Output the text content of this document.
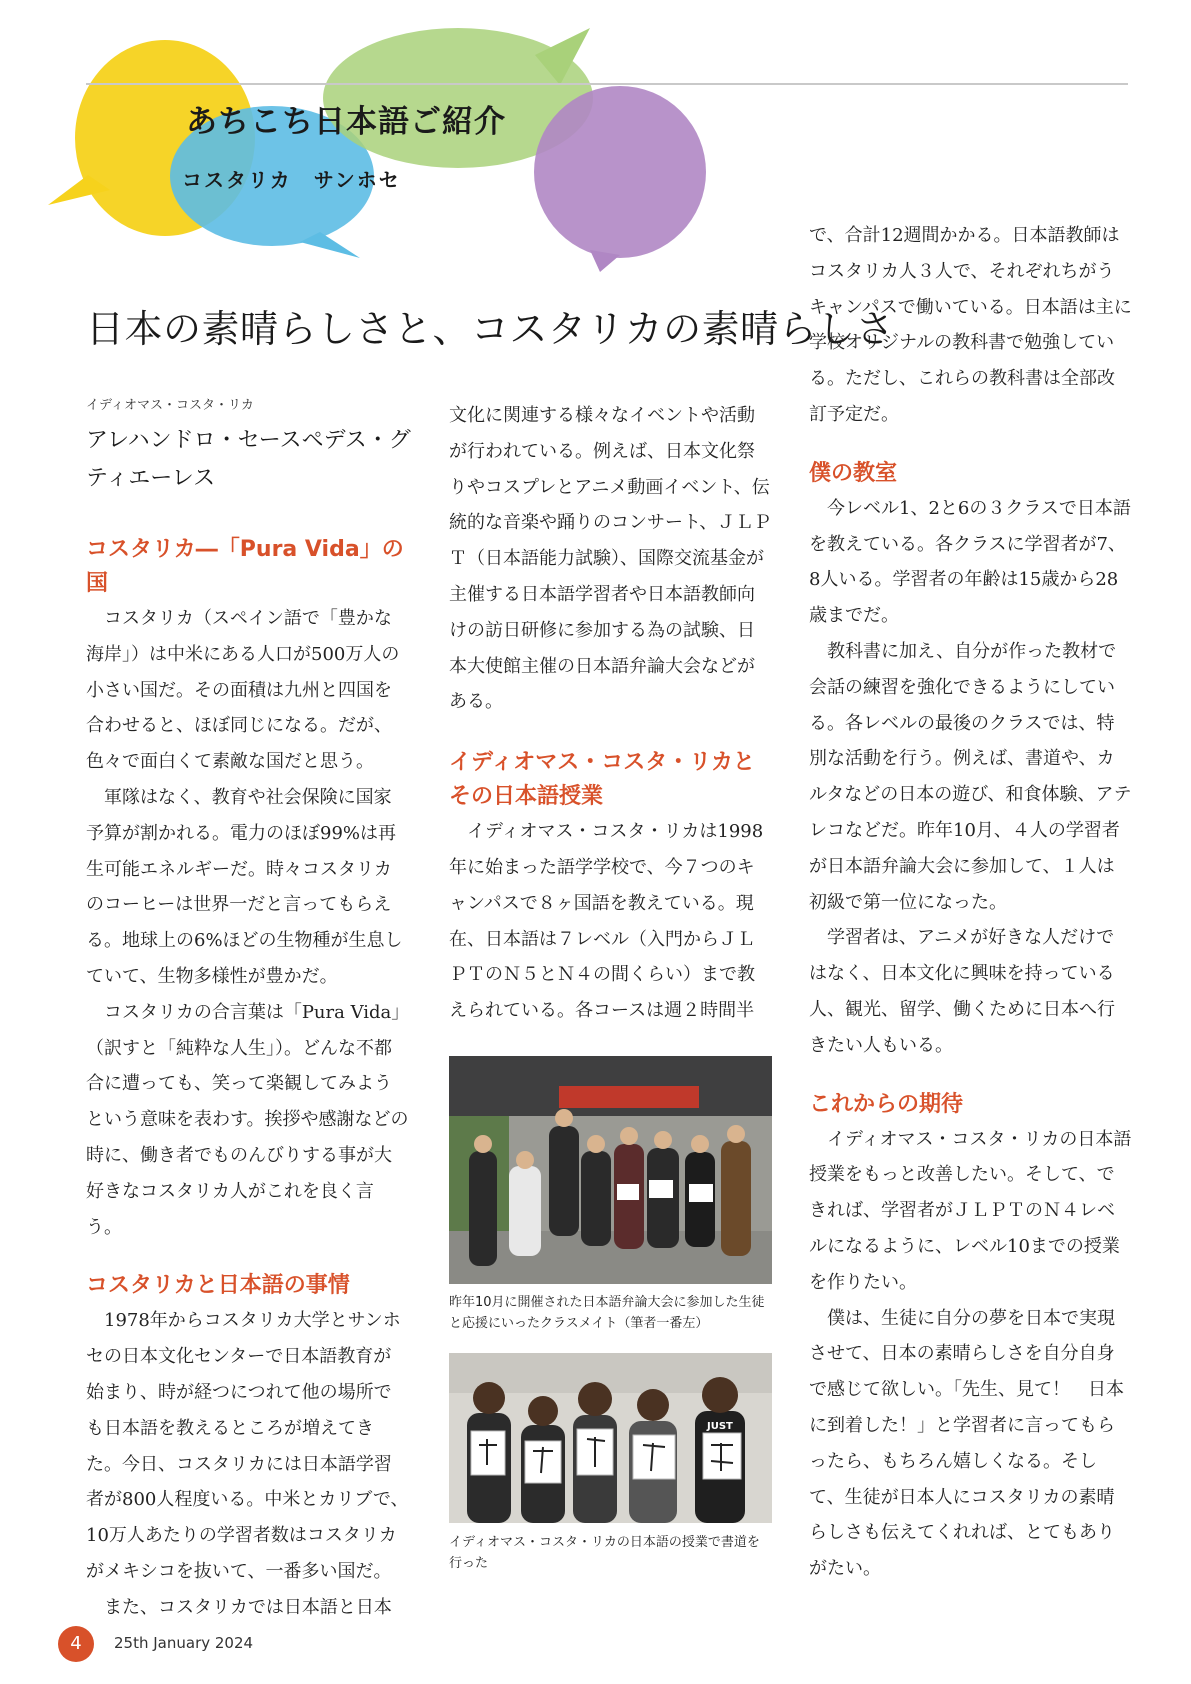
あちこち日本語ご紹介
コスタリカ　サンホセ
日本の素晴らしさと、コスタリカの素晴らしさ
イディオマス・コスタ・リカ
アレハンドロ・セースペデス・グティエーレス
コスタリカ―「Pura Vida」の国

コスタリカ（スペイン語で「豊かな海岸」）は中米にある人口が500万人の小さい国だ。その面積は九州と四国を合わせると、ほぼ同じになる。だが、色々で面白くて素敵な国だと思う。

軍隊はなく、教育や社会保険に国家予算が割かれる。電力のほぼ99%は再生可能エネルギーだ。時々コスタリカのコーヒーは世界一だと言ってもらえる。地球上の6%ほどの生物種が生息していて、生物多様性が豊かだ。

コスタリカの合言葉は「Pura Vida」（訳すと「純粋な人生」）。どんな不都合に遭っても、笑って楽観してみようという意味を表わす。挨拶や感謝などの時に、働き者でものんびりする事が大好きなコスタリカ人がこれを良く言う。

コスタリカと日本語の事情

1978年からコスタリカ大学とサンホセの日本文化センターで日本語教育が始まり、時が経つにつれて他の場所でも日本語を教えるところが増えてきた。今日、コスタリカには日本語学習者が800人程度いる。中米とカリブで、10万人あたりの学習者数はコスタリカがメキシコを抜いて、一番多い国だ。

また、コスタリカでは日本語と日本

文化に関連する様々なイベントや活動が行われている。例えば、日本文化祭りやコスプレとアニメ動画イベント、伝統的な音楽や踊りのコンサート、ＪＬＰＴ（日本語能力試験）、国際交流基金が主催する日本語学習者や日本語教師向けの訪日研修に参加する為の試験、日本大使館主催の日本語弁論大会などがある。

イディオマス・コスタ・リカとその日本語授業

イディオマス・コスタ・リカは1998年に始まった語学学校で、今７つのキャンパスで８ヶ国語を教えている。現在、日本語は７レベル（入門からＪＬＰＴのＮ５とＮ４の間くらい）まで教えられている。各コースは週２時間半

昨年10月に開催された日本語弁論大会に参加した生徒と応援にいったクラスメイト（筆者一番左）
JUST
イディオマス・コスタ・リカの日本語の授業で書道を行った

で、合計12週間かかる。日本語教師はコスタリカ人３人で、それぞれちがうキャンパスで働いている。日本語は主に学校オリジナルの教科書で勉強している。ただし、これらの教科書は全部改訂予定だ。

僕の教室

今レベル1、2と6の３クラスで日本語を教えている。各クラスに学習者が7、8人いる。学習者の年齢は15歳から28歳までだ。

教科書に加え、自分が作った教材で会話の練習を強化できるようにしている。各レベルの最後のクラスでは、特別な活動を行う。例えば、書道や、カルタなどの日本の遊び、和食体験、アテレコなどだ。昨年10月、４人の学習者が日本語弁論大会に参加して、１人は初級で第一位になった。

学習者は、アニメが好きな人だけではなく、日本文化に興味を持っている人、観光、留学、働くために日本へ行きたい人もいる。

これからの期待

イディオマス・コスタ・リカの日本語授業をもっと改善したい。そして、できれば、学習者がＪＬＰＴのＮ４レベルになるように、レベル10までの授業を作りたい。

僕は、生徒に自分の夢を日本で実現させて、日本の素晴らしさを自分自身で感じて欲しい。「先生、見て！　日本に到着した！」と学習者に言ってもらったら、もちろん嬉しくなる。そして、生徒が日本人にコスタリカの素晴らしさも伝えてくれれば、とてもありがたい。

4	25th January 2024
